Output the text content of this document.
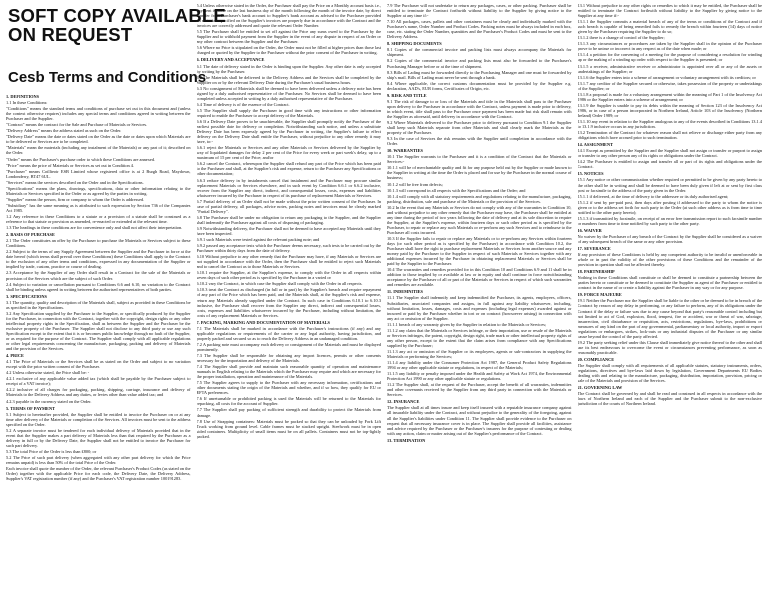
SOFT COPY AVAILABLE
ON REQUEST
Cesb Terms and Conditions

1. DEFINITIONS

1.1 In these Conditions:

"Conditions" means the standard terms and conditions of purchase set out in this document and (unless the context otherwise requires) includes any special terms and conditions agreed in writing between the Purchaser and the Supplier.

"Contract" means the contract for the Sale and Purchase of Materials or Services.

"Delivery Address" means the address stated as such on the Order.

"Delivery Date" means the date or dates stated on the Order as the date or dates upon which Materials are to be delivered or Services are to be completed.

"Materials" mean the materials (including any instalment of the Materials) or any part of it; described on the Order.

"Order" means the Purchaser's purchase order to which these Conditions are annexed.

"Price" means the price of Materials or Services as set out in Condition 4.

"Purchaser" means Coillteoir ESB Limited whose registered office is at 2 Burgh Road, Maydown, Londonderry, BT47 6UL.

"Services" means the services described on the Order and in the Specifications.

"Specifications" means the plans, drawings, specifications, data or other information relating to the Materials or Services specified in the Order or as agreed by the parties in writing.

"Supplier" means the person, firm or company to whom the Order is addressed.

"Subsidiary" has the same meaning as is attributed to such expression by Section 736 of the Companies Act 1985.

1.2 Any reference in these Conditions to a statute or a provision of a statute shall be construed as a reference to that statute or provision as amended, re-enacted or extended at the relevant time.

1.3 The headings in these conditions are for convenience only and shall not affect their interpretation.

2. BASIS OF PURCHASE

2.1 The Order constitutes an offer by the Purchaser to purchase the Materials or Services subject to these Conditions.

2.2 Subject to the terms of any Supply Agreement between the Supplier and the Purchaser in force at the date hereof (which terms shall prevail over these Conditions) these Conditions shall apply to the Contract to the exclusion of any other terms and conditions, expressed in any documentation of the Supplier or implied by trade, custom, practice or course of dealing.

2.3 Acceptance by the Supplier of any Order shall result in a Contract for the sale of the Materials or provision of the Services which are the subject of such Order.

2.4 Subject to variation or cancellation pursuant to Conditions 6.6 and 6.10, no variation to the Contract shall be binding unless agreed in writing between the authorised representatives of both parties.

3. SPECIFICATIONS

3.1 The quantity, quality and description of the Materials shall, subject as provided in these Conditions be as specified in the Specifications.

3.2 Any Specification supplied by the Purchaser to the Supplier, or specifically produced by the Supplier for the Purchaser, in connection with the Contract, together with the copyright, design rights or any other intellectual property rights in the Specification, shall as between the Supplier and the Purchaser be the exclusive property of the Purchaser. The Supplier shall not disclose to any third party or use any such Specification except to the extent that it is or becomes public knowledge through no fault of the Supplier, or as required for the purpose of the Contract. The Supplier shall comply with all applicable regulations or other legal requirements concerning the manufacture, packaging, packing and delivery of Materials and the provision of the Services.

4. PRICE

4.1 The Price of Materials or the Services shall be as stated on the Order and subject to no variation except with the prior written consent of the Purchaser.

4.2 Unless otherwise stated, the Price shall be: -

4.2.1 exclusive of any applicable value added tax (which shall be payable by the Purchaser subject to receipt of a VAT invoice);

4.2.2 inclusive of all charges for packaging, packing, shipping, carriage, insurance and delivery of Materials to the Delivery Address and any duties, or levies other than value added tax; and

4.2.3 payable in the currency stated on the Order.

5. TERMS OF PAYMENT

5.1 Subject to hereinafter provided, the Supplier shall be entitled to invoice the Purchaser on or at any time after delivery of the Materials or completion of the Services. All invoices must be sent to the address specified on the Order.

5.2 A separate invoice must be tendered for each individual delivery of Materials provided that in the event that the Supplier makes a part delivery of Materials less than that required by the Purchaser as a delivery in full or by the Delivery Date, the Supplier shall not be entitled to invoice the Purchaser for such part delivery.

5.3 The total Price of the Order is less than £800; or

5.2 The Price of such part delivery (when aggregated with any other part delivery for which the Price remains unpaid) is less than 50% of the total Price of the Order.

Each invoice shall quote the number of the Order, the relevant Purchaser's Product Codes (as stated on the Order) together with the applicable Price for each code, the Delivery Date, the Delivery Address, Supplier's VAT registration number (if any) and the Purchaser's VAT registration number 100191283.

5.4 Unless otherwise stated in the Order, the Purchaser shall pay the Price on a Monthly account basis i.e., payment is made on the last business day of the month following the month of the invoice date, by direct transfer from Purchaser's bank account to Supplier's bank account as advised to the Purchaser provided all materials specified on the Supplier's invoices are properly due in accordance with the Contract and the invoices are correctly addressed and quote the relevant Order Number.

5.5 The Purchaser shall be entitled to set off against the Price any sums owed to the Purchaser by the Supplier and to withhold payment from the Supplier in the event of any dispute in respect of an Order or any other contract between the Supplier and the Purchaser.

5.6 Where no Price is stipulated on the Order, the Order must not be filled at higher prices than those last charged or quoted by the Supplier to the Purchaser without the prior consent of the Purchaser in writing.

6. DELIVERY AND ACCEPTANCE

6.1 The date of delivery stated in the Order is binding upon the Supplier. Any other date is only accepted by writing by the Purchaser.

6.2 The Materials shall be delivered to the Delivery Address and the Services shall be completed by the Supplier on or by the relevant Delivery Date during the Purchaser's usual business hours.

6.3 No consignment of Materials shall be deemed to have been delivered unless a delivery note has been signed by a duly authorised representative of the Purchaser. No Services shall be deemed to have been completed unless accepted in writing by a duly authorised representative of the Purchaser.

6.4 Time of delivery is of the essence of the Contract.

6.5 The Supplier shall supply the Purchaser in good time with any instructions or other information required to enable the Purchaser to accept delivery of the Materials.

6.6 If a Delivery Date proves to be unachievable, the Supplier shall promptly notify the Purchaser of the earliest possible date for delivery or completion. Notwithstanding such notice, and unless a substitute Delivery Date has been expressly agreed by the Purchaser in writing, the Supplier's failure to effect delivery on the Delivery Date shall entitle the Purchaser, without prejudice to any other remedy it may have, to:-

6.6.1 reject the Materials or Services and any other Materials or Services delivered by the Supplier by way of liquidated damages for delay 2 per cent of the Price for every week or part week's delay, up to a maximum of 15 per cent of the Price; and/or

6.6.2 cancel the Contract, whereupon the Supplier shall refund any part of the Price which has been paid to the Purchaser and shall, at the Supplier's risk and expense, return to the Purchaser any Specifications or other documentation;

6.6.3 reduce delivery in by instalments cancel that instalment and the Purchaser may procure similar replacement Materials or Services elsewhere, and in such event by Condition 6.6.1 or 6.6.2 inclusive, recover from the Supplier any direct, indirect, and consequential losses, costs, expenses and liabilities whatsoever incurred by the Purchaser in respect of its purchase of replacement Materials or Services.

6.7 Partial delivery of an Order shall not be made without the prior written consent of the Purchaser. In case of partial delivery, all packages, advice notes, packing notes and invoices must be clearly marked "Partial Delivery".

6.8 The Purchaser shall be under no obligation to return any packaging to the Supplier, and the Supplier shall indemnify the Purchaser against all costs of disposing of packaging.

6.9 Notwithstanding delivery, the Purchaser shall not be deemed to have accepted any Materials until they have been inspected.

6.9.1 such Materials were tested against the relevant packing note; and

6.9.2 passed any acceptance tests which the Purchaser deems necessary, such tests to be carried out by the Purchaser within thirty days from the date of delivery.

6.10 Without prejudice to any other remedy that the Purchaser may have, if any Materials or Services are not supplied in accordance with the Order, then the Purchaser shall be entitled to reject such Materials and to cancel the Contract as to those Materials or Services.

6.10.1 require the Supplier, at the Supplier's expense, to comply with the Order in all respects within seven days of such other period as is specified by the Purchaser in a varied or

6.10.2 vary the Contract, in which case the Supplier shall comply with the Order in all respects.

6.10.3 treat the Contract as discharged (in full or in part) by the Supplier's breach and require repayment of any part of the Price which has been paid, and the Materials shall, at the Supplier's risk and expense, return any Materials already supplied under the Contract. In such case in Conditions 6.10.1 to 6.10.3 inclusive, the Purchaser shall recover from the Supplier any direct, indirect and consequential losses, costs, expenses and liabilities whatsoever incurred by the Purchaser, including without limitation, the costs of any replacement Materials or Services.

7. PACKING, MARKING AND DOCUMENTATION OF MATERIALS

7.1 The Materials shall be marked in accordance with the Purchaser's instructions (if any) and any applicable regulations or requirements of the carrier or any legal authority, having jurisdiction, and properly packed and secured so as to reach the Delivery Address in an undamaged condition.

7.2 A packing note must accompany each delivery or consignment of the Materials and must be displayed prominently.

7.3 The Supplier shall be responsible for obtaining any import licences, permits or other consents necessary for the importation and delivery of the Materials.

7.4 The Supplier shall provide and maintain such reasonable quantity of operation and maintenance manuals in English relating to the Materials which the Purchaser may require and which are necessary for the proper installation, operation and maintenance of the Materials.

7.5 The Supplier agrees to supply to the Purchaser with any necessary information, certifications and other documents stating the origin of the Materials and whether, and if so how, they qualify for EU or EFTA preferences.

7.6 If unreturnable or prohibited packing is used the Materials will be returned to the Materials for repacking, all costs for the account of Supplier.

7.7 The Supplier shall pay packing of sufficient strength and durability to protect the Materials from damage.

7.8 Use of Strapping containers: Materials must be packed so that they can be unloaded by Fork Lift Truck working from ground level. Cable frames must be stacked upright. Steelwork must be in open sided containers. Multiplicity of small items must be on all pallets. Containers must not be top-lightly packed.

7.9 The Purchaser will not undertake to return any packages, cases, or other packing. Purchaser shall be entitled to terminate the Contract forthwith without liability to the Supplier by giving notice to the Supplier at any time if:-

7.10 All packages, cases, pallets and other containers must be clearly and individually marked with the Purchaser's name, Order Number and Product Codes. Packing notes must be always included in each box, case, etc. stating the Order Number, quantities and the Purchaser's Product Codes and must be sent to the Delivery Address.

8. SHIPPING DOCUMENTS

8.1 Copies of the commercial invoice and packing lists must always accompany the Materials for shipment.

8.2 Copies of the commercial invoice and packing lists must also be forwarded to the Purchaser's Purchasing Manager before or at the time of shipment.

8.3 Bills of Lading must be forwarded directly to the Purchasing Manager and one must be forwarded by ship's mail. Bills of Lading must never be sent through a bank.

8.4 Where applicable, the correct customs documentation must be provided by the Supplier e.g. declaration, AAD's, EUR forms, Certificates of Origin, etc.

9. RISK AND TITLE

9.1 The risk of damage to or loss of the Materials and title in the Materials shall pass to the Purchaser upon delivery to the Purchaser in accordance with the Contract, unless payment is made prior to delivery, in which event, title shall pass to the Purchaser once payment has been made but risk shall remain with the Supplier as aforesaid, until delivery in accordance with the Contract.

9.2 Where Materials delivered to the Purchaser prior to delivery pursuant to Condition 9.1 the Supplier shall keep such Materials separate from other Materials and shall clearly mark the Materials as the property of the Purchaser.

9.3 In the case of Services the risk remains with the Supplier until completion in accordance with the Order.

10. WARRANTIES

10.1 The Supplier warrants to the Purchaser and it is a condition of the Contract that the Materials or Services:-

10.1.1 will be of merchantable quality and fit for any purpose held out by the Supplier or made known to the Supplier in writing at the time the Order is placed and for use by the Purchaser in the normal course of business;

10.1.2 will be free from defects;

10.1.3 will correspond in all respects with the Specifications and the Order; and

10.1.4 will comply with all statutory requirements and regulations relating to the manufacture, packaging, packing, distribution, sale and purchase of the Materials or the provision of the Services.

10.2 In the event that any Materials or Services do not comply with any of the warranties in Condition 10, and without prejudice to any other remedy that the Purchaser may have, the Purchaser shall be entitled at any time during the period of two years following the date of delivery and at its sole discretion to require the Supplier, at the Supplier's expense, within fourteen days or such other period as is specified by the Purchaser, to repair or replace any such Materials or re-perform any such Services and to reimburse to the Purchaser all costs incurred.

10.3 If the Supplier fails to repair or replace any Materials or to re-perform any Services within fourteen days (or such other period as is specified by the Purchaser) in accordance with Condition 10.2, the Purchaser shall have the right to purchase replacement Materials or Services from another source and any money paid by the Purchaser to the Supplier in respect of such Materials or Services together with any additional expenses incurred by the Purchaser in obtaining replacement Materials or Services shall be paid by the Supplier to the Purchaser.

10.4 The warranties and remedies provided for in this Condition 10 and Conditions 6.9 and 11 shall be in addition to those implied by or available at law or in equity and shall continue in force notwithstanding acceptance by the Purchaser of all or part of the Materials or Services in respect of which such warranties and remedies are available.

11. INDEMNITIES

11.1 The Supplier shall indemnify and keep indemnified the Purchaser, its agents, employees, officers, Subsidiaries, associated companies and assigns, in full against any liability whatsoever, including, without limitation, losses, damages, costs and expenses (including legal expenses) awarded against or incurred or paid by the Purchaser whether in tort or on contract (howsoever arising) in connection with any act or omission of the Supplier.

11.1.1 breach of any warranty given by the Supplier in relation to the Materials or Services;

11.1.2 any claim that the Materials or Services infringe, or their importation, use or resale of the Materials or Services infringes, the patent, copyright, design right, trade mark or other intellectual property rights of any other person, except to the extent that the claim arises from compliance with any Specifications supplied by the Purchaser;

11.1.3 any act or omission of the Supplier or its employees, agents or sub-contractors in supplying the Materials or performing the Services;

11.1.4 any liability under the Consumer Protection Act 1987, the General Product Safety Regulations 1994 or any other applicable statute or regulations, in respect of the Materials;

11.1.5 any liability or penalty imposed under the Health and Safety at Work Act 1974, the Environmental Protection Act 1990 or any other applicable statute or regulations.

11.2 The Supplier shall, at the request of the Purchaser, accept the benefit of all warranties, indemnities and other covenants received by the Supplier from any third party in connection with the Materials or Services.

12. INSURANCE

The Supplier shall at all times insure and keep itself insured with a reputable insurance company against all insurable liability under the Contract, and without prejudice to the generality of the foregoing, against all the Supplier's liabilities under Condition 11. The Supplier shall provide evidence to the Purchaser on request that all necessary insurance cover is in place. The Supplier shall provide all facilities, assistance and advice required by the Purchaser or the Purchaser's insurers for the purpose of contesting or dealing with any action, claim or matter arising out of the Supplier's performance of the Contract.

13. TERMINATION

13.1 Without prejudice to any other rights or remedies to which it may be entitled, the Purchaser shall be entitled to terminate the Contract forthwith without liability to the Supplier by giving notice to the Supplier at any time if:-

13.1.1 the Supplier commits a material breach of any of the terms or conditions of the Contract and if such breach is capable of being remedied fails to remedy the breach within fourteen (14) days of notice given by the Purchaser requiring the Supplier to do so;

13.1.2 there is a change of control of the Supplier;

13.1.3 any circumstances or procedures are taken by the Supplier shall in the opinion of the Purchaser prove to be untrue or incorrect in any respect as of the date when made; or

13.1.4 a petition for the convening of a meeting for the purpose of considering a resolution for winding up or the making of a winding up order with respect to the Supplier is presented; or

13.1.5 a receiver, administrative receiver or administrator is appointed over all or any of the assets or undertakings of the Supplier; or

13.1.6 the Supplier enters into a scheme of arrangement or voluntary arrangement with its creditors; or

13.1.7 any creditor of the Supplier secured or otherwise, takes possession of the property or undertakings of the Supplier; or

13.1.8 a proposal is made for a voluntary arrangement within the meaning of Part 1 of the Insolvency Act 1986 or the Supplier enters into a scheme of arrangement; or

13.1.9 the Supplier is unable to pay its debts within the meaning of Section 123 of the Insolvency Act 1986, or in case of a person incorporated in Northern Ireland, Article 103 of the Insolvency (Northern Ireland) Order 1989; or

13.1.10 any event in relation to the Supplier analogous to any of the events described in Conditions 13.1.4 to 13.1.9 inclusive occurs in any jurisdiction.

13.2 Termination of the Contract for whatever reason shall not relieve or discharge either party from any obligations which have accrued prior to such termination.

14. ASSIGNMENT

14.1 Except as permitted by the Supplier and the Supplier shall not assign or transfer or purport to assign or transfer to any other person any of its rights or obligations under the Contract.

14.2 The Purchaser is entitled to assign and transfer all or part of its rights and obligations under the Contract.

15. NOTICES

15.1 Any notice or other communication whether required or permitted to be given by any party hereto to the other shall be in writing and shall be deemed to have been duly given if left at or sent by first class post or facsimile to the address of the party given in the Order.

15.1.1 if delivered, at the time of delivery to the addressee or its duly authorised agent;

15.1.2 if sent by pre-paid post, then days after posting if addressed to the party to whom the notice is given or to the address set forth for such party in the Order (at such other address as is from time to time notified to the other party hereto);

15.1.3 if transmitted by facsimile, on receipt of an error free transmission report to such facsimile number or numbers from time to time notified by such party to the other party.

16. WAIVER

No waiver by the Purchaser of any breach of the Contract by the Supplier shall be considered as a waiver of any subsequent breach of the same or any other provision.

17. SEVERANCE

If any provision of these Conditions is held by any competent authority to be invalid or unenforceable in whole or in part the validity of the other provisions of these Conditions and the remainder of the provision in question shall not be affected thereby.

18. PARTNERSHIP

Nothing in these Conditions shall constitute or shall be deemed to constitute a partnership between the parties hereto or constitute or be deemed to constitute the Supplier as agent of the Purchaser or entitled to contract in the name of or create a liability against the Purchaser in any way or for any purpose.

19. FORCE MAJEURE

19.1 Neither the Purchaser nor the Supplier shall be liable to the other or be deemed to be in breach of the Contract by reason of any delay in performing, or any failure to perform, any of its obligations under the Contract if the delay or failure was due to any cause beyond that party's reasonable control including but not limited to act of God, explosion, flood, tempest, fire or accident, war or threat of war, sabotage, insurrection, civil disturbance or requisition, acts, restrictions, regulations, bye-laws, prohibitions or measures of any kind on the part of any governmental, parliamentary or local authority, import or export regulations or embargoes, strikes, lock-outs or any industrial disputes of the Purchaser or any similar cause beyond the control of the party affected.

19.2 The party seeking relief under this Clause shall immediately give notice thereof to the other and shall use its best endeavours to overcome the event or circumstances preventing performance, as soon as reasonably practicable.

20. COMPLIANCE

The Supplier shall comply with all requirements of all applicable statutes, statutory instruments, orders, regulations, directives and bye-laws laid down by legislation, Government Departments EU Bodies dealing with and relating to the manufacture, packaging, distribution, importation, provision, pricing or sale of the Materials and provision of the Services.

21. GOVERNING LAW

The Contract shall be governed by and shall be read and construed in all respects in accordance with the laws of Northern Ireland and each of the Supplier and the Purchaser submit to the non-exclusive jurisdiction of the courts of Northern Ireland.
